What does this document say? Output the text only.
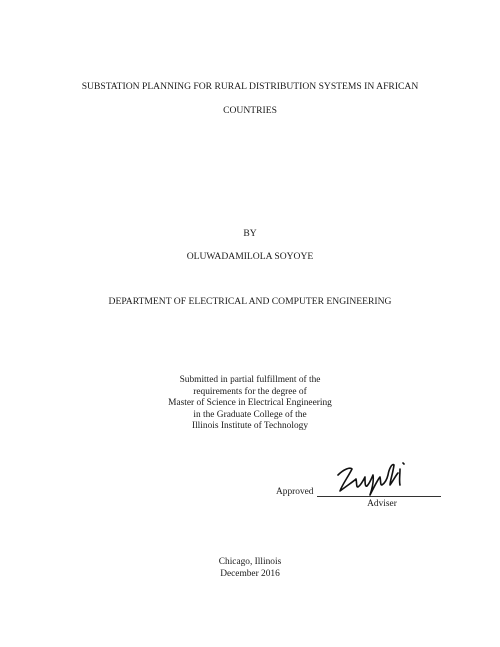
SUBSTATION PLANNING FOR RURAL DISTRIBUTION SYSTEMS IN AFRICAN
COUNTRIES
BY
OLUWADAMILOLA SOYOYE
DEPARTMENT OF ELECTRICAL AND COMPUTER ENGINEERING
Submitted in partial fulfillment of the
requirements for the degree of
Master of Science in Electrical Engineering
in the Graduate College of the
Illinois Institute of Technology
Approved
Adviser
Chicago, Illinois
December 2016
